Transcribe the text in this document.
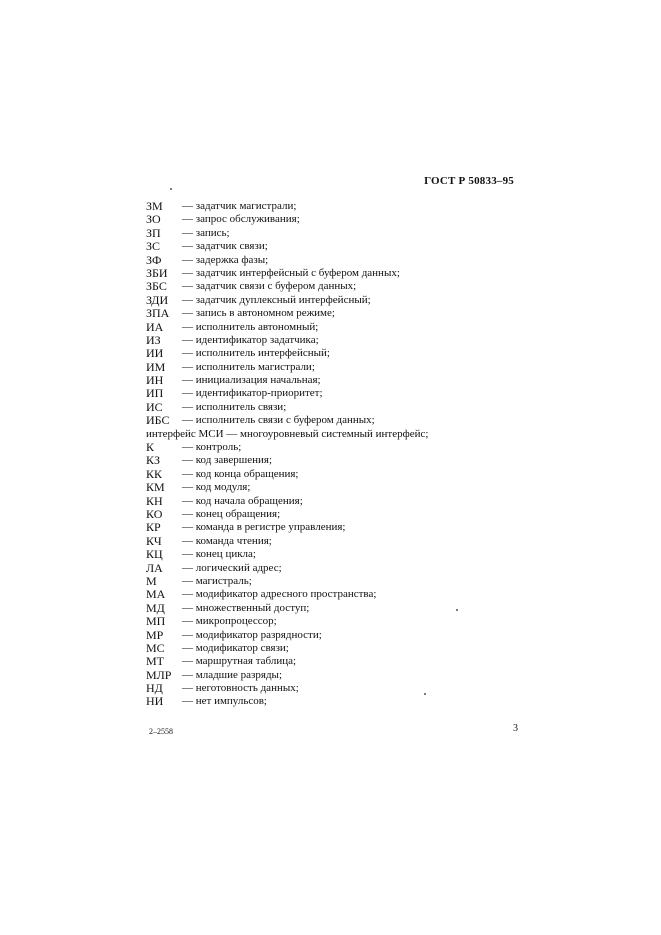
ГОСТ Р 50833–95
ЗМ — задатчик магистрали;
ЗО — запрос обслуживания;
ЗП — запись;
ЗС — задатчик связи;
ЗФ — задержка фазы;
ЗБИ — задатчик интерфейсный с буфером данных;
ЗБС — задатчик связи с буфером данных;
ЗДИ — задатчик дуплексный интерфейсный;
ЗПА — запись в автономном режиме;
ИА — исполнитель автономный;
ИЗ — идентификатор задатчика;
ИИ — исполнитель интерфейсный;
ИМ — исполнитель магистрали;
ИН — инициализация начальная;
ИП — идентификатор-приоритет;
ИС — исполнитель связи;
ИБС — исполнитель связи с буфером данных;
интерфейс МСИ — многоуровневый системный интерфейс;
К	— контроль;
КЗ — код завершения;
КК — код конца обращения;
КМ — код модуля;
КН — код начала обращения;
КО — конец обращения;
КР — команда в регистре управления;
КЧ — команда чтения;
КЦ — конец цикла;
ЛА — логический адрес;
М — магистраль;
МА — модификатор адресного пространства;
МД — множественный доступ;
МП — микропроцессор;
МР — модификатор разрядности;
МС — модификатор связи;
МТ — маршрутная таблица;
МЛР — младшие разряды;
НД — неготовность данных;
НИ — нет импульсов;
2–2558	3
